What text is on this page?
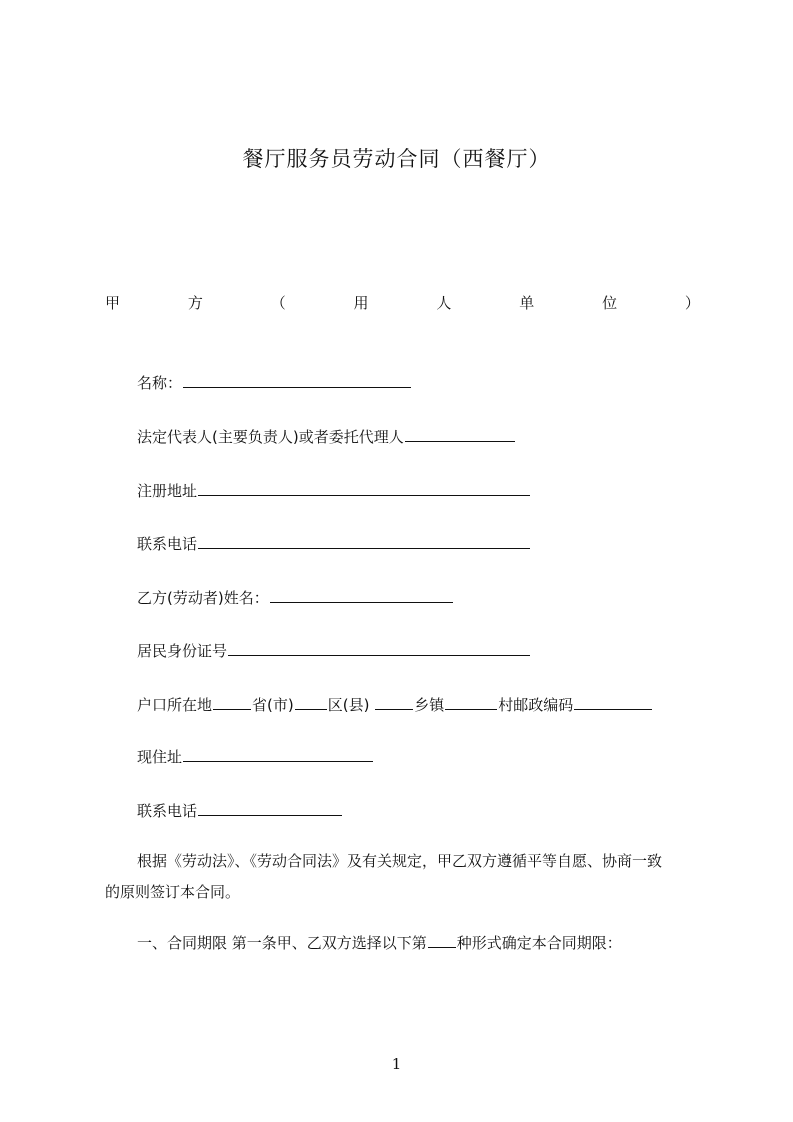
餐厅服务员劳动合同（西餐厅）
甲	方	（	用	人	单	位	）
名称：
法定代表人(主要负责人)或者委托代理人
注册地址
联系电话
乙方(劳动者)姓名：
居民身份证号
户口所在地	省(市) 区(县)	乡镇	村邮政编码
现住址
联系电话
根据《劳动法》、《劳动合同法》及有关规定，甲乙双方遵循平等自愿、协商一致
的原则签订本合同。
一、合同期限 第一条甲、乙双方选择以下第 种形式确定本合同期限：
1
